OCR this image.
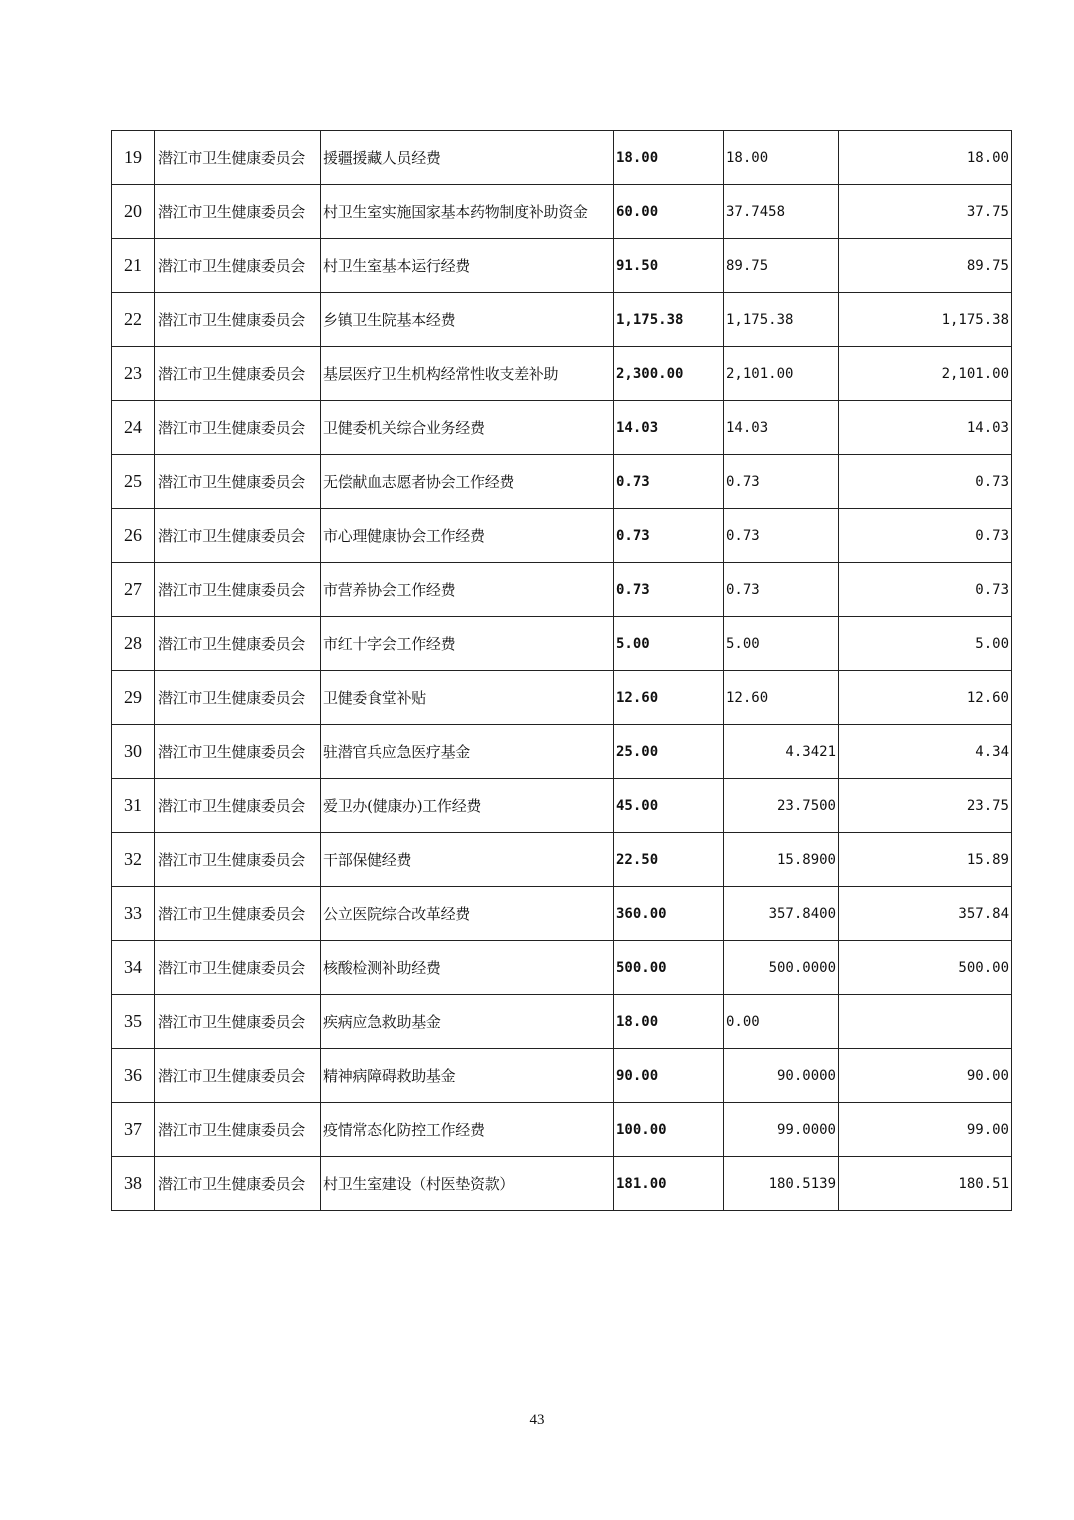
19	潜江市卫生健康委员会	援疆援藏人员经费	18.00	18.00	18.00
20	潜江市卫生健康委员会	村卫生室实施国家基本药物制度补助资金	60.00	37.7458	37.75
21	潜江市卫生健康委员会	村卫生室基本运行经费	91.50	89.75	89.75
22	潜江市卫生健康委员会	乡镇卫生院基本经费	1,175.38	1,175.38	1,175.38
23	潜江市卫生健康委员会	基层医疗卫生机构经常性收支差补助	2,300.00	2,101.00	2,101.00
24	潜江市卫生健康委员会	卫健委机关综合业务经费	14.03	14.03	14.03
25	潜江市卫生健康委员会	无偿献血志愿者协会工作经费	0.73	0.73	0.73
26	潜江市卫生健康委员会	市心理健康协会工作经费	0.73	0.73	0.73
27	潜江市卫生健康委员会	市营养协会工作经费	0.73	0.73	0.73
28	潜江市卫生健康委员会	市红十字会工作经费	5.00	5.00	5.00
29	潜江市卫生健康委员会	卫健委食堂补贴	12.60	12.60	12.60
30	潜江市卫生健康委员会	驻潜官兵应急医疗基金	25.00	4.3421	4.34
31	潜江市卫生健康委员会	爱卫办(健康办)工作经费	45.00	23.7500	23.75
32	潜江市卫生健康委员会	干部保健经费	22.50	15.8900	15.89
33	潜江市卫生健康委员会	公立医院综合改革经费	360.00	357.8400	357.84
34	潜江市卫生健康委员会	核酸检测补助经费	500.00	500.0000	500.00
35	潜江市卫生健康委员会	疾病应急救助基金	18.00	0.00	
36	潜江市卫生健康委员会	精神病障碍救助基金	90.00	90.0000	90.00
37	潜江市卫生健康委员会	疫情常态化防控工作经费	100.00	99.0000	99.00
38	潜江市卫生健康委员会	村卫生室建设（村医垫资款）	181.00	180.5139	180.51
43
